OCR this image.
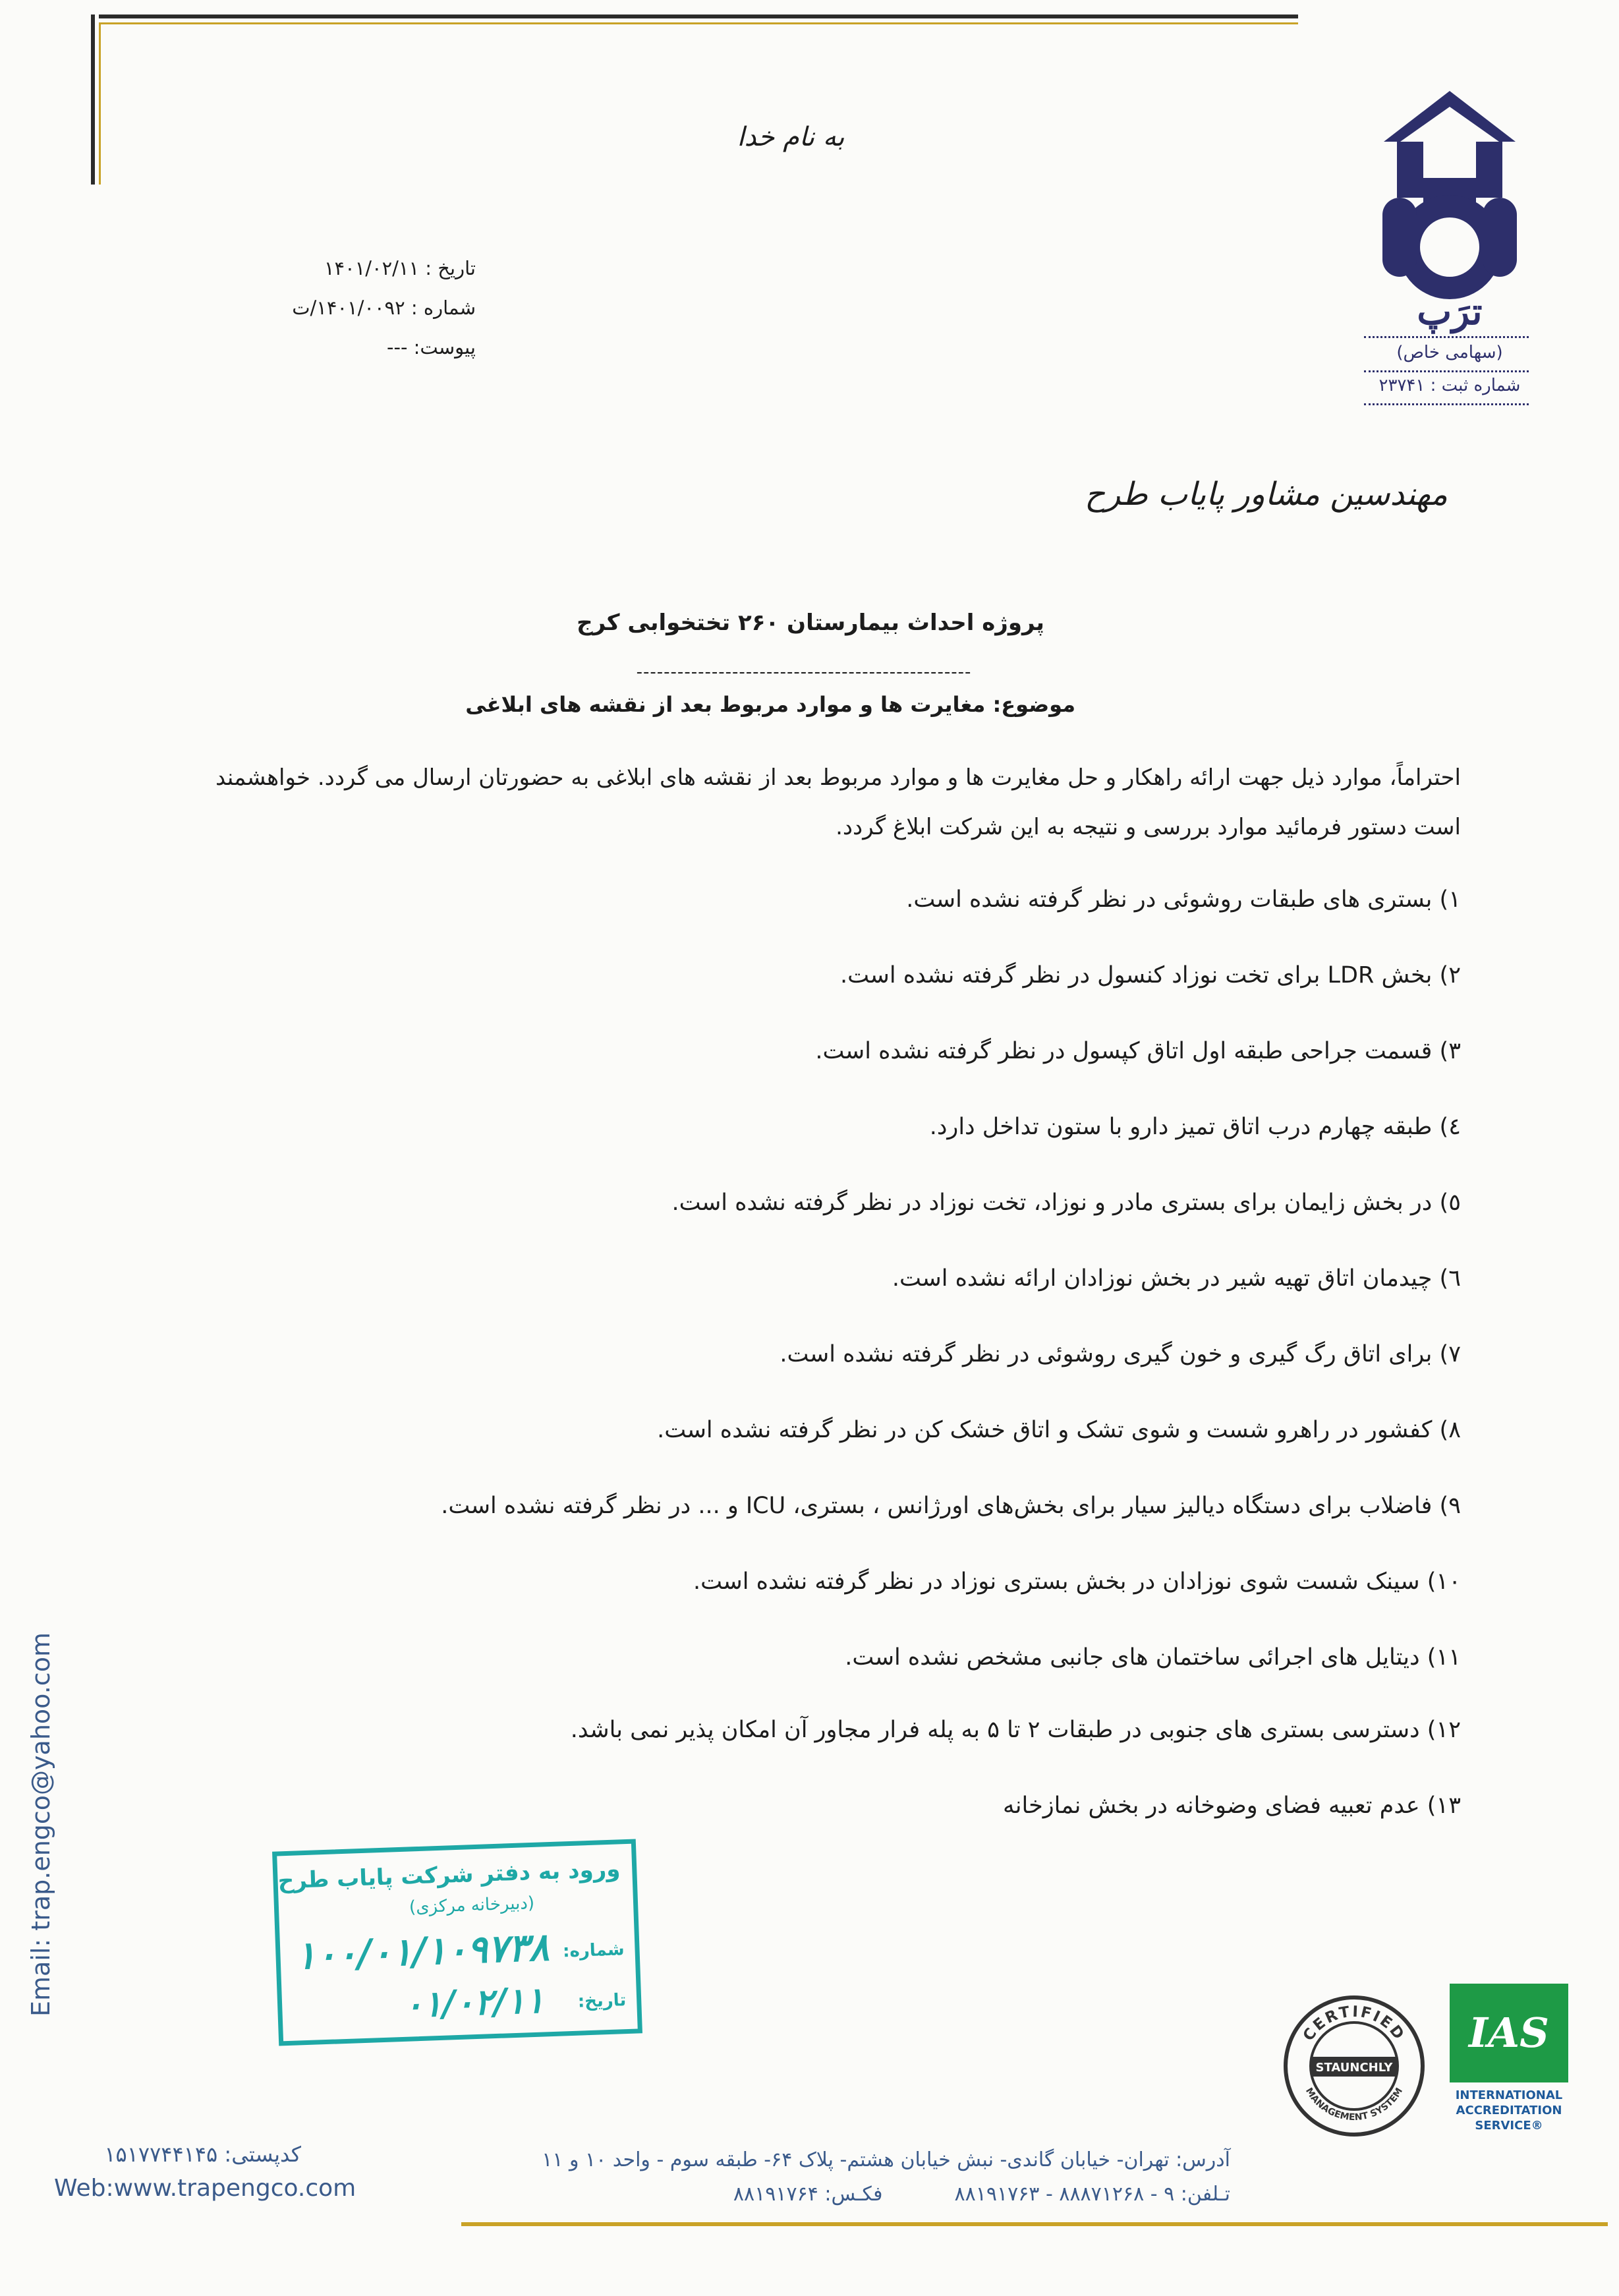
به نام خدا
تاریخ : ۱۴۰۱/۰۲/۱۱
شماره : ۱۴۰۱/۰۰۹۲/ت
پیوست: ---
ترَپ
(سهامی خاص)
شماره ثبت : ۲۳۷۴۱
مهندسین مشاور پایاب طرح
پروژه احداث بیمارستان ۲۶۰ تختخوابی کرج
-------------------------------------------------
موضوع: مغایرت ها و موارد مربوط بعد از نقشه های ابلاغی
احتراماً، موارد ذیل جهت ارائه راهکار و حل مغایرت ها و موارد مربوط بعد از نقشه های ابلاغی به حضورتان ارسال می گردد. خواهشمند
است دستور فرمائید موارد بررسی و نتیجه به این شرکت ابلاغ گردد.
۱) بستری های طبقات روشوئی در نظر گرفته نشده است.
۲) بخش LDR برای تخت نوزاد کنسول در نظر گرفته نشده است.
۳) قسمت جراحی طبقه اول اتاق کپسول در نظر گرفته نشده است.
٤) طبقه چهارم درب اتاق تمیز دارو با ستون تداخل دارد.
٥) در بخش زایمان برای بستری مادر و نوزاد، تخت نوزاد در نظر گرفته نشده است.
٦) چیدمان اتاق تهیه شیر در بخش نوزادان ارائه نشده است.
۷) برای اتاق رگ گیری و خون گیری روشوئی در نظر گرفته نشده است.
۸) کفشور در راهرو شست و شوی تشک و اتاق خشک کن در نظر گرفته نشده است.
۹) فاضلاب برای دستگاه دیالیز سیار برای بخش‌های اورژانس ، بستری، ICU و ... در نظر گرفته نشده است.
۱۰) سینک شست شوی نوزادان در بخش بستری نوزاد در نظر گرفته نشده است.
۱۱) دیتایل های اجرائی ساختمان های جانبی مشخص نشده است.
۱۲) دسترسی بستری های جنوبی در طبقات ۲ تا ۵ به پله فرار مجاور آن امکان پذیر نمی باشد.
۱۳) عدم تعبیه فضای وضوخانه در بخش نمازخانه
ورود به دفتر شرکت پایاب طرح
(دبیرخانه مرکزی)
شماره:
۱۰۰/۰۱/۱۰۹۷۳۸
تاریخ:
۰۱/۰۲/۱۱
Email: trap.engco@yahoo.com
CERTIFIED
STAUNCHLY
MANAGEMENT SYSTEM
IAS
INTERNATIONAL
ACCREDITATION
SERVICE®
کدپستی: ۱۵۱۷۷۴۴۱۴۵
Web:www.trapengco.com
آدرس: تهران- خیابان گاندی- نبش خیابان هشتم- پلاک ۶۴- طبقه سوم - واحد ۱۰ و ۱۱
تـلفن: ۹ - ۸۸۸۷۱۲۶۸ - ۸۸۱۹۱۷۶۳  فکـس: ۸۸۱۹۱۷۶۴
